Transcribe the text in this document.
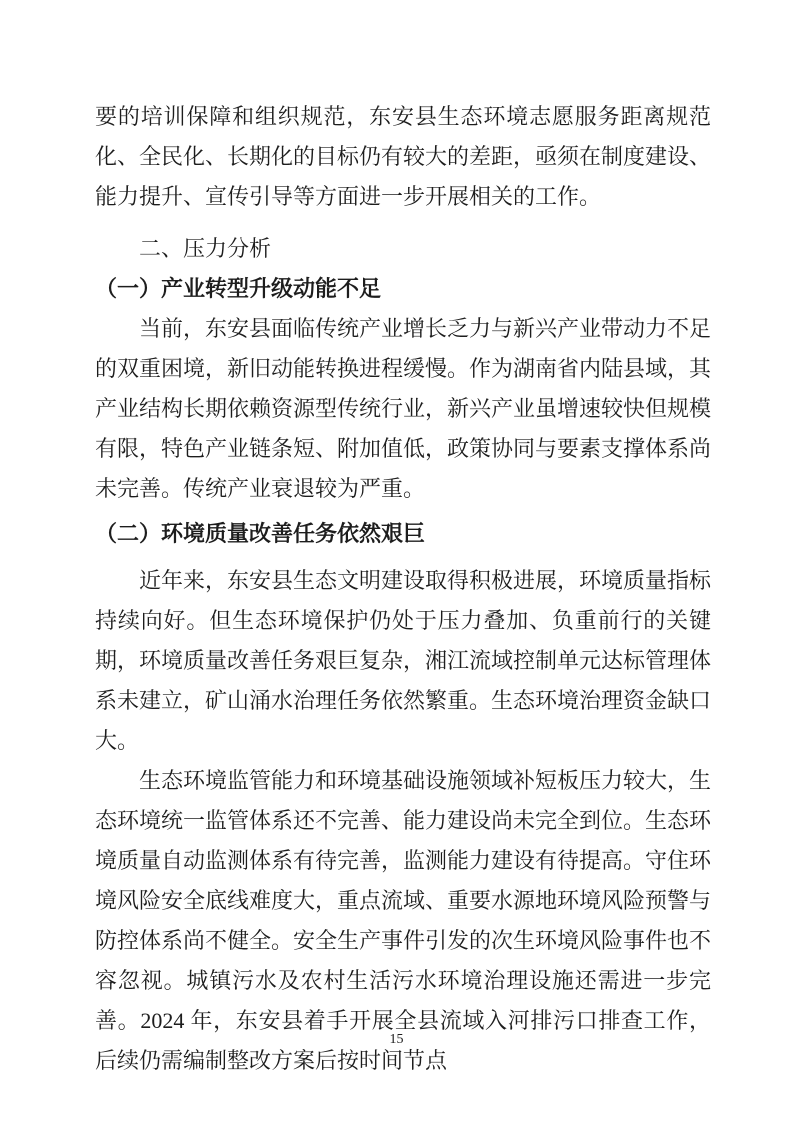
要的培训保障和组织规范，东安县生态环境志愿服务距离规范化、全民化、长期化的目标仍有较大的差距，亟须在制度建设、能力提升、宣传引导等方面进一步开展相关的工作。

二、压力分析
（一）产业转型升级动能不足

当前，东安县面临传统产业增长乏力与新兴产业带动力不足的双重困境，新旧动能转换进程缓慢。作为湖南省内陆县域，其产业结构长期依赖资源型传统行业，新兴产业虽增速较快但规模有限，特色产业链条短、附加值低，政策协同与要素支撑体系尚未完善。传统产业衰退较为严重。

（二）环境质量改善任务依然艰巨

近年来，东安县生态文明建设取得积极进展，环境质量指标持续向好。但生态环境保护仍处于压力叠加、负重前行的关键期，环境质量改善任务艰巨复杂，湘江流域控制单元达标管理体系未建立，矿山涌水治理任务依然繁重。生态环境治理资金缺口大。

生态环境监管能力和环境基础设施领域补短板压力较大，生态环境统一监管体系还不完善、能力建设尚未完全到位。生态环境质量自动监测体系有待完善，监测能力建设有待提高。守住环境风险安全底线难度大，重点流域、重要水源地环境风险预警与防控体系尚不健全。安全生产事件引发的次生环境风险事件也不容忽视。城镇污水及农村生活污水环境治理设施还需进一步完善。2024 年，东安县着手开展全县流域入河排污口排查工作，后续仍需编制整改方案后按时间节点

15
